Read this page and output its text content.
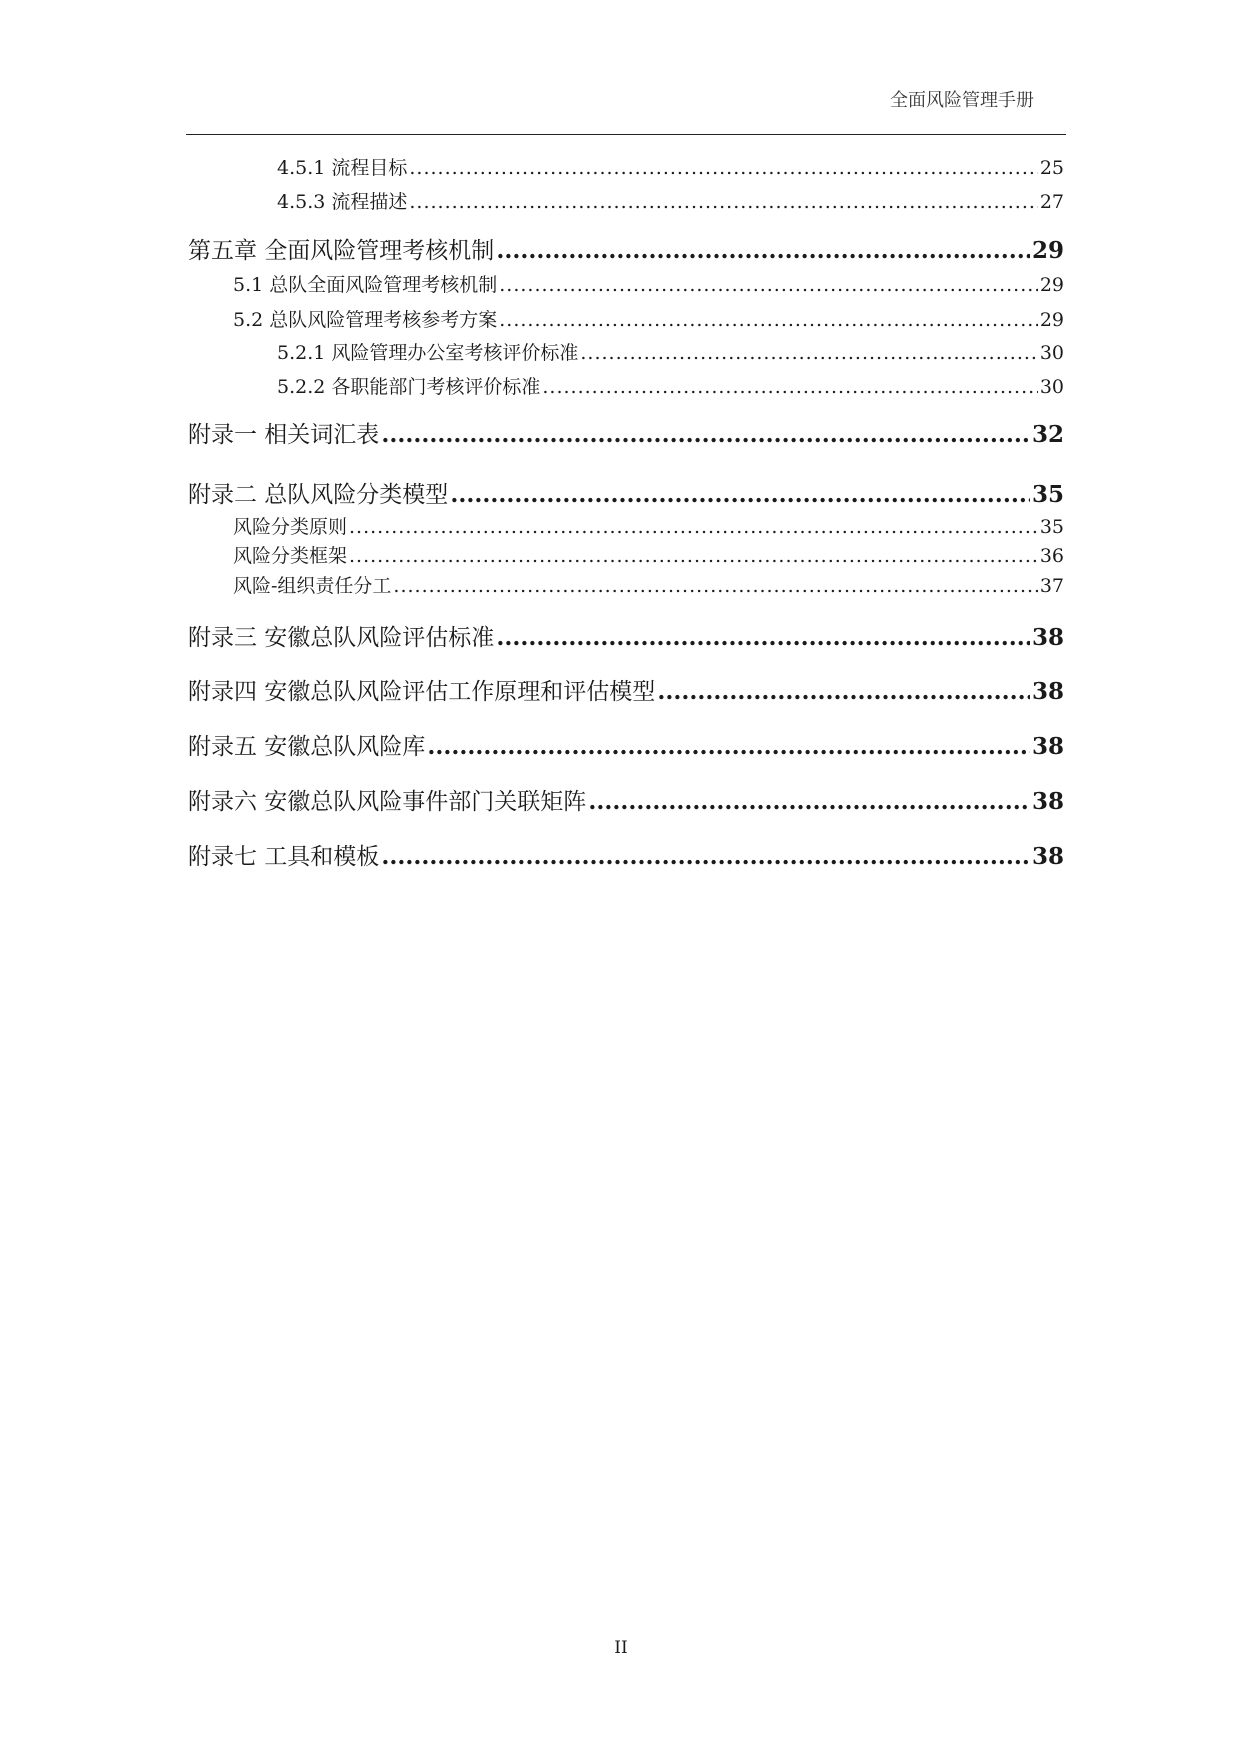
全面风险管理手册
4.5.1 流程目标 .....	25
4.5.3 流程描述 .....	27
第五章 全面风险管理考核机制 .....	29
5.1 总队全面风险管理考核机制 .....	29
5.2 总队风险管理考核参考方案 .....	29
5.2.1 风险管理办公室考核评价标准 .....	30
5.2.2 各职能部门考核评价标准 .....	30
附录一 相关词汇表 .....	32
附录二 总队风险分类模型 .....	35
风险分类原则 .....	35
风险分类框架 .....	36
风险-组织责任分工 .....	37
附录三 安徽总队风险评估标准 .....	38
附录四 安徽总队风险评估工作原理和评估模型 .....	38
附录五 安徽总队风险库 .....	38
附录六 安徽总队风险事件部门关联矩阵 .....	38
附录七 工具和模板 .....	38
II
